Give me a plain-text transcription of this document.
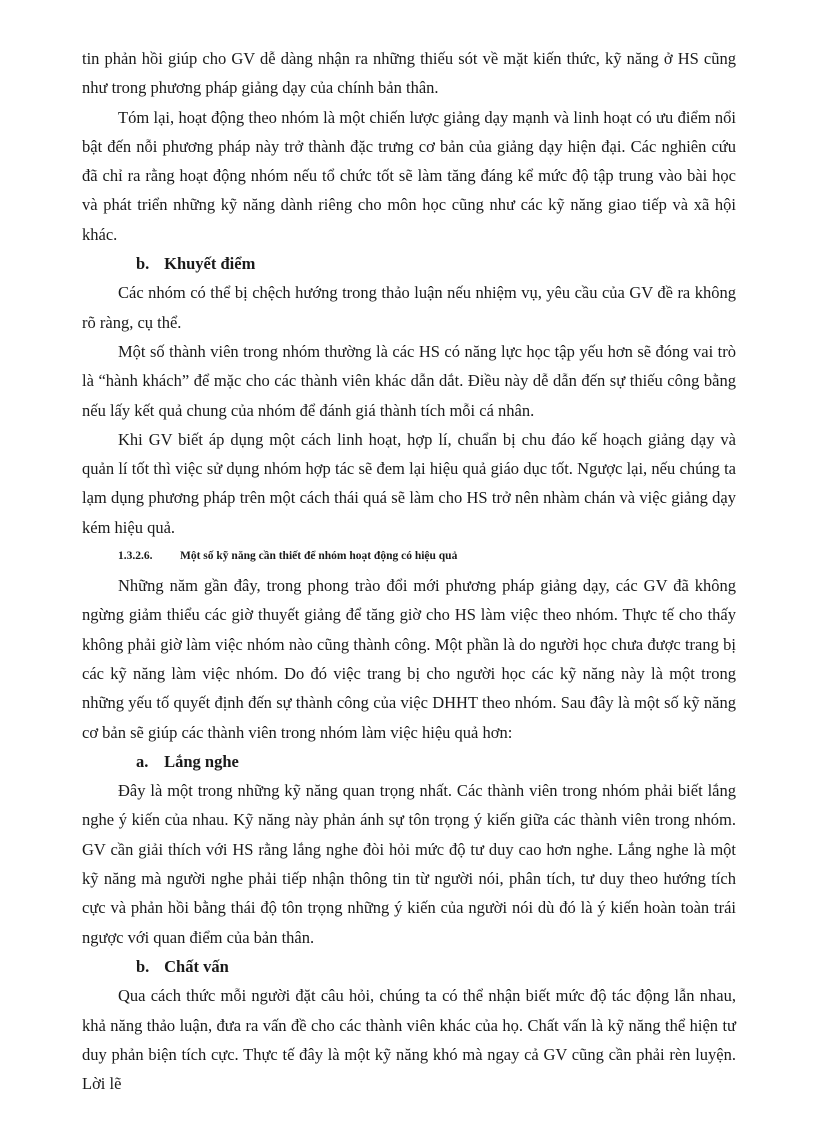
tin phản hồi giúp cho GV dễ dàng nhận ra những thiếu sót về mặt kiến thức, kỹ năng ở HS cũng như trong phương pháp giảng dạy của chính bản thân.

Tóm lại, hoạt động theo nhóm là một chiến lược giảng dạy mạnh và linh hoạt có ưu điểm nổi bật đến nỗi phương pháp này trở thành đặc trưng cơ bản của giảng dạy hiện đại. Các nghiên cứu đã chỉ ra rằng hoạt động nhóm nếu tổ chức tốt sẽ làm tăng đáng kể mức độ tập trung vào bài học và phát triển những kỹ năng dành riêng cho môn học cũng như các kỹ năng giao tiếp và xã hội khác.

b. Khuyết điểm

Các nhóm có thể bị chệch hướng trong thảo luận nếu nhiệm vụ, yêu cầu của GV đề ra không rõ ràng, cụ thể.

Một số thành viên trong nhóm thường là các HS có năng lực học tập yếu hơn sẽ đóng vai trò là “hành khách” để mặc cho các thành viên khác dẫn dắt. Điều này dễ dẫn đến sự thiếu công bằng nếu lấy kết quả chung của nhóm để đánh giá thành tích mỗi cá nhân.

Khi GV biết áp dụng một cách linh hoạt, hợp lí, chuẩn bị chu đáo kế hoạch giảng dạy và quản lí tốt thì việc sử dụng nhóm hợp tác sẽ đem lại hiệu quả giáo dục tốt. Ngược lại, nếu chúng ta lạm dụng phương pháp trên một cách thái quá sẽ làm cho HS trở nên nhàm chán và việc giảng dạy kém hiệu quả.

1.3.2.6. Một số kỹ năng cần thiết để nhóm hoạt động có hiệu quả

Những năm gần đây, trong phong trào đổi mới phương pháp giảng dạy, các GV đã không ngừng giảm thiểu các giờ thuyết giảng để tăng giờ cho HS làm việc theo nhóm. Thực tế cho thấy không phải giờ làm việc nhóm nào cũng thành công. Một phần là do người học chưa được trang bị các kỹ năng làm việc nhóm. Do đó việc trang bị cho người học các kỹ năng này là một trong những yếu tố quyết định đến sự thành công của việc DHHT theo nhóm. Sau đây là một số kỹ năng cơ bản sẽ giúp các thành viên trong nhóm làm việc hiệu quả hơn:

a. Lắng nghe

Đây là một trong những kỹ năng quan trọng nhất. Các thành viên trong nhóm phải biết lắng nghe ý kiến của nhau. Kỹ năng này phản ánh sự tôn trọng ý kiến giữa các thành viên trong nhóm. GV cần giải thích với HS rằng lắng nghe đòi hỏi mức độ tư duy cao hơn nghe. Lắng nghe là một kỹ năng mà người nghe phải tiếp nhận thông tin từ người nói, phân tích, tư duy theo hướng tích cực và phản hồi bằng thái độ tôn trọng những ý kiến của người nói dù đó là ý kiến hoàn toàn trái ngược với quan điểm của bản thân.

b. Chất vấn

Qua cách thức mỗi người đặt câu hỏi, chúng ta có thể nhận biết mức độ tác động lẫn nhau, khả năng thảo luận, đưa ra vấn đề cho các thành viên khác của họ. Chất vấn là kỹ năng thể hiện tư duy phản biện tích cực. Thực tế đây là một kỹ năng khó mà ngay cả GV cũng cần phải rèn luyện. Lời lẽ
